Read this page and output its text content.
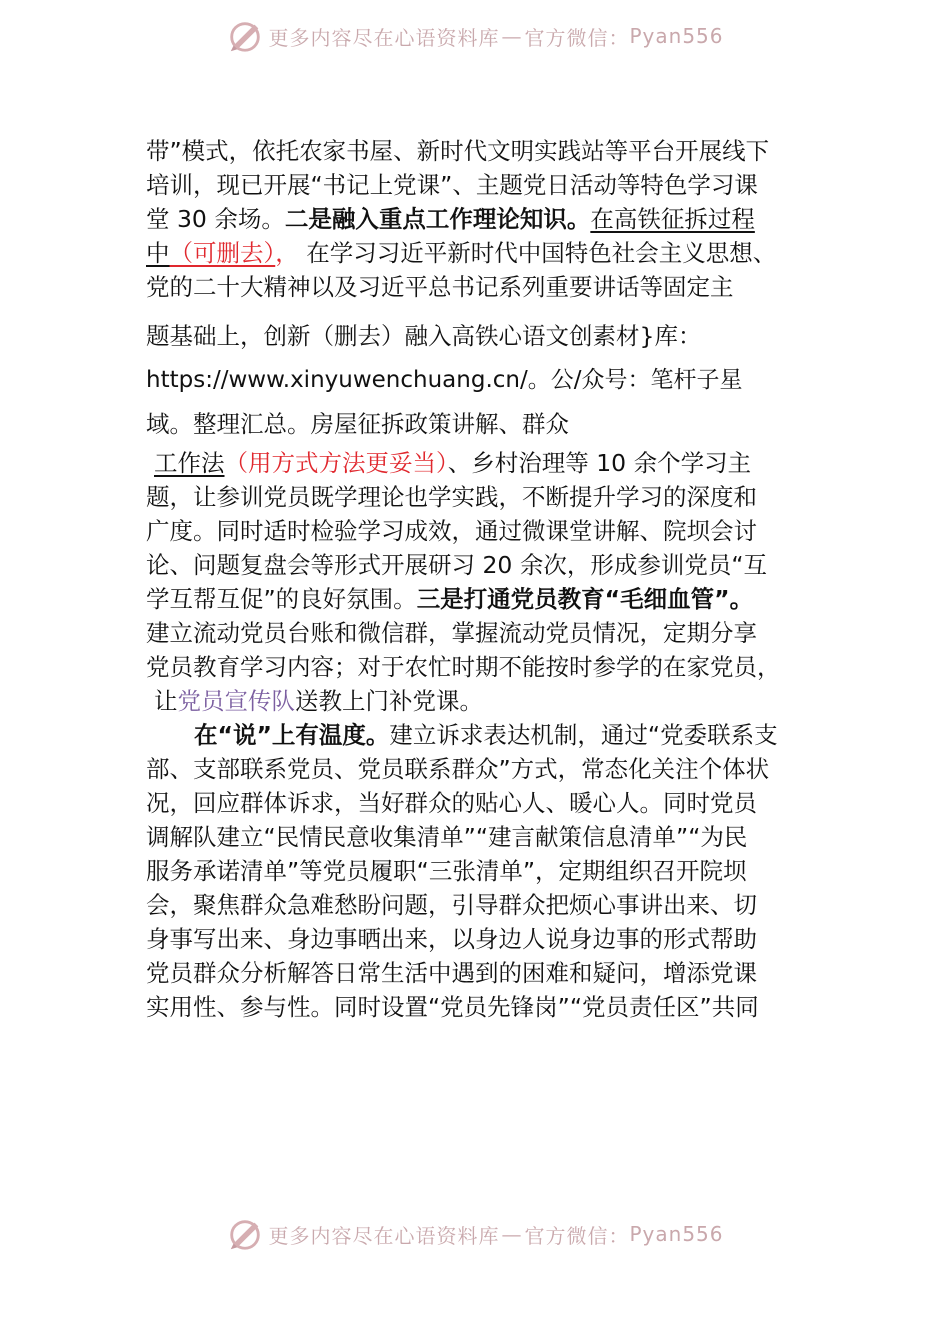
更多内容尽在心语资料库 — 官方微信： Pyan556
带”模式，依托农家书屋、新时代文明实践站等平台开展线下
培训，现已开展“书记上党课”、主题党日活动等特色学习课
堂 30 余场。二是融入重点工作理论知识。在高铁征拆过程
中（可删去）， 在学习习近平新时代中国特色社会主义思想、
党的二十大精神以及习近平总书记系列重要讲话等固定主
题基础上，创新（删去）融入高铁心语文创素材}库：
https://www.xinyuwenchuang.cn/。公/众号：笔杆子星
域。整理汇总。房屋征拆政策讲解、群众
工作法（用方式方法更妥当）、乡村治理等 10 余个学习主
题，让参训党员既学理论也学实践，不断提升学习的深度和
广度。同时适时检验学习成效，通过微课堂讲解、院坝会讨
论、问题复盘会等形式开展研习 20 余次，形成参训党员“互
学互帮互促”的良好氛围。三是打通党员教育“毛细血管”。
建立流动党员台账和微信群，掌握流动党员情况，定期分享
党员教育学习内容；对于农忙时期不能按时参学的在家党员，
让党员宣传队送教上门补党课。
在“说”上有温度。建立诉求表达机制，通过“党委联系支
部、支部联系党员、党员联系群众”方式，常态化关注个体状
况，回应群体诉求，当好群众的贴心人、暖心人。同时党员
调解队建立“民情民意收集清单”“建言献策信息清单”“为民
服务承诺清单”等党员履职“三张清单”，定期组织召开院坝
会，聚焦群众急难愁盼问题，引导群众把烦心事讲出来、切
身事写出来、身边事晒出来，以身边人说身边事的形式帮助
党员群众分析解答日常生活中遇到的困难和疑问，增添党课
实用性、参与性。同时设置“党员先锋岗”“党员责任区”共同
更多内容尽在心语资料库 — 官方微信： Pyan556
